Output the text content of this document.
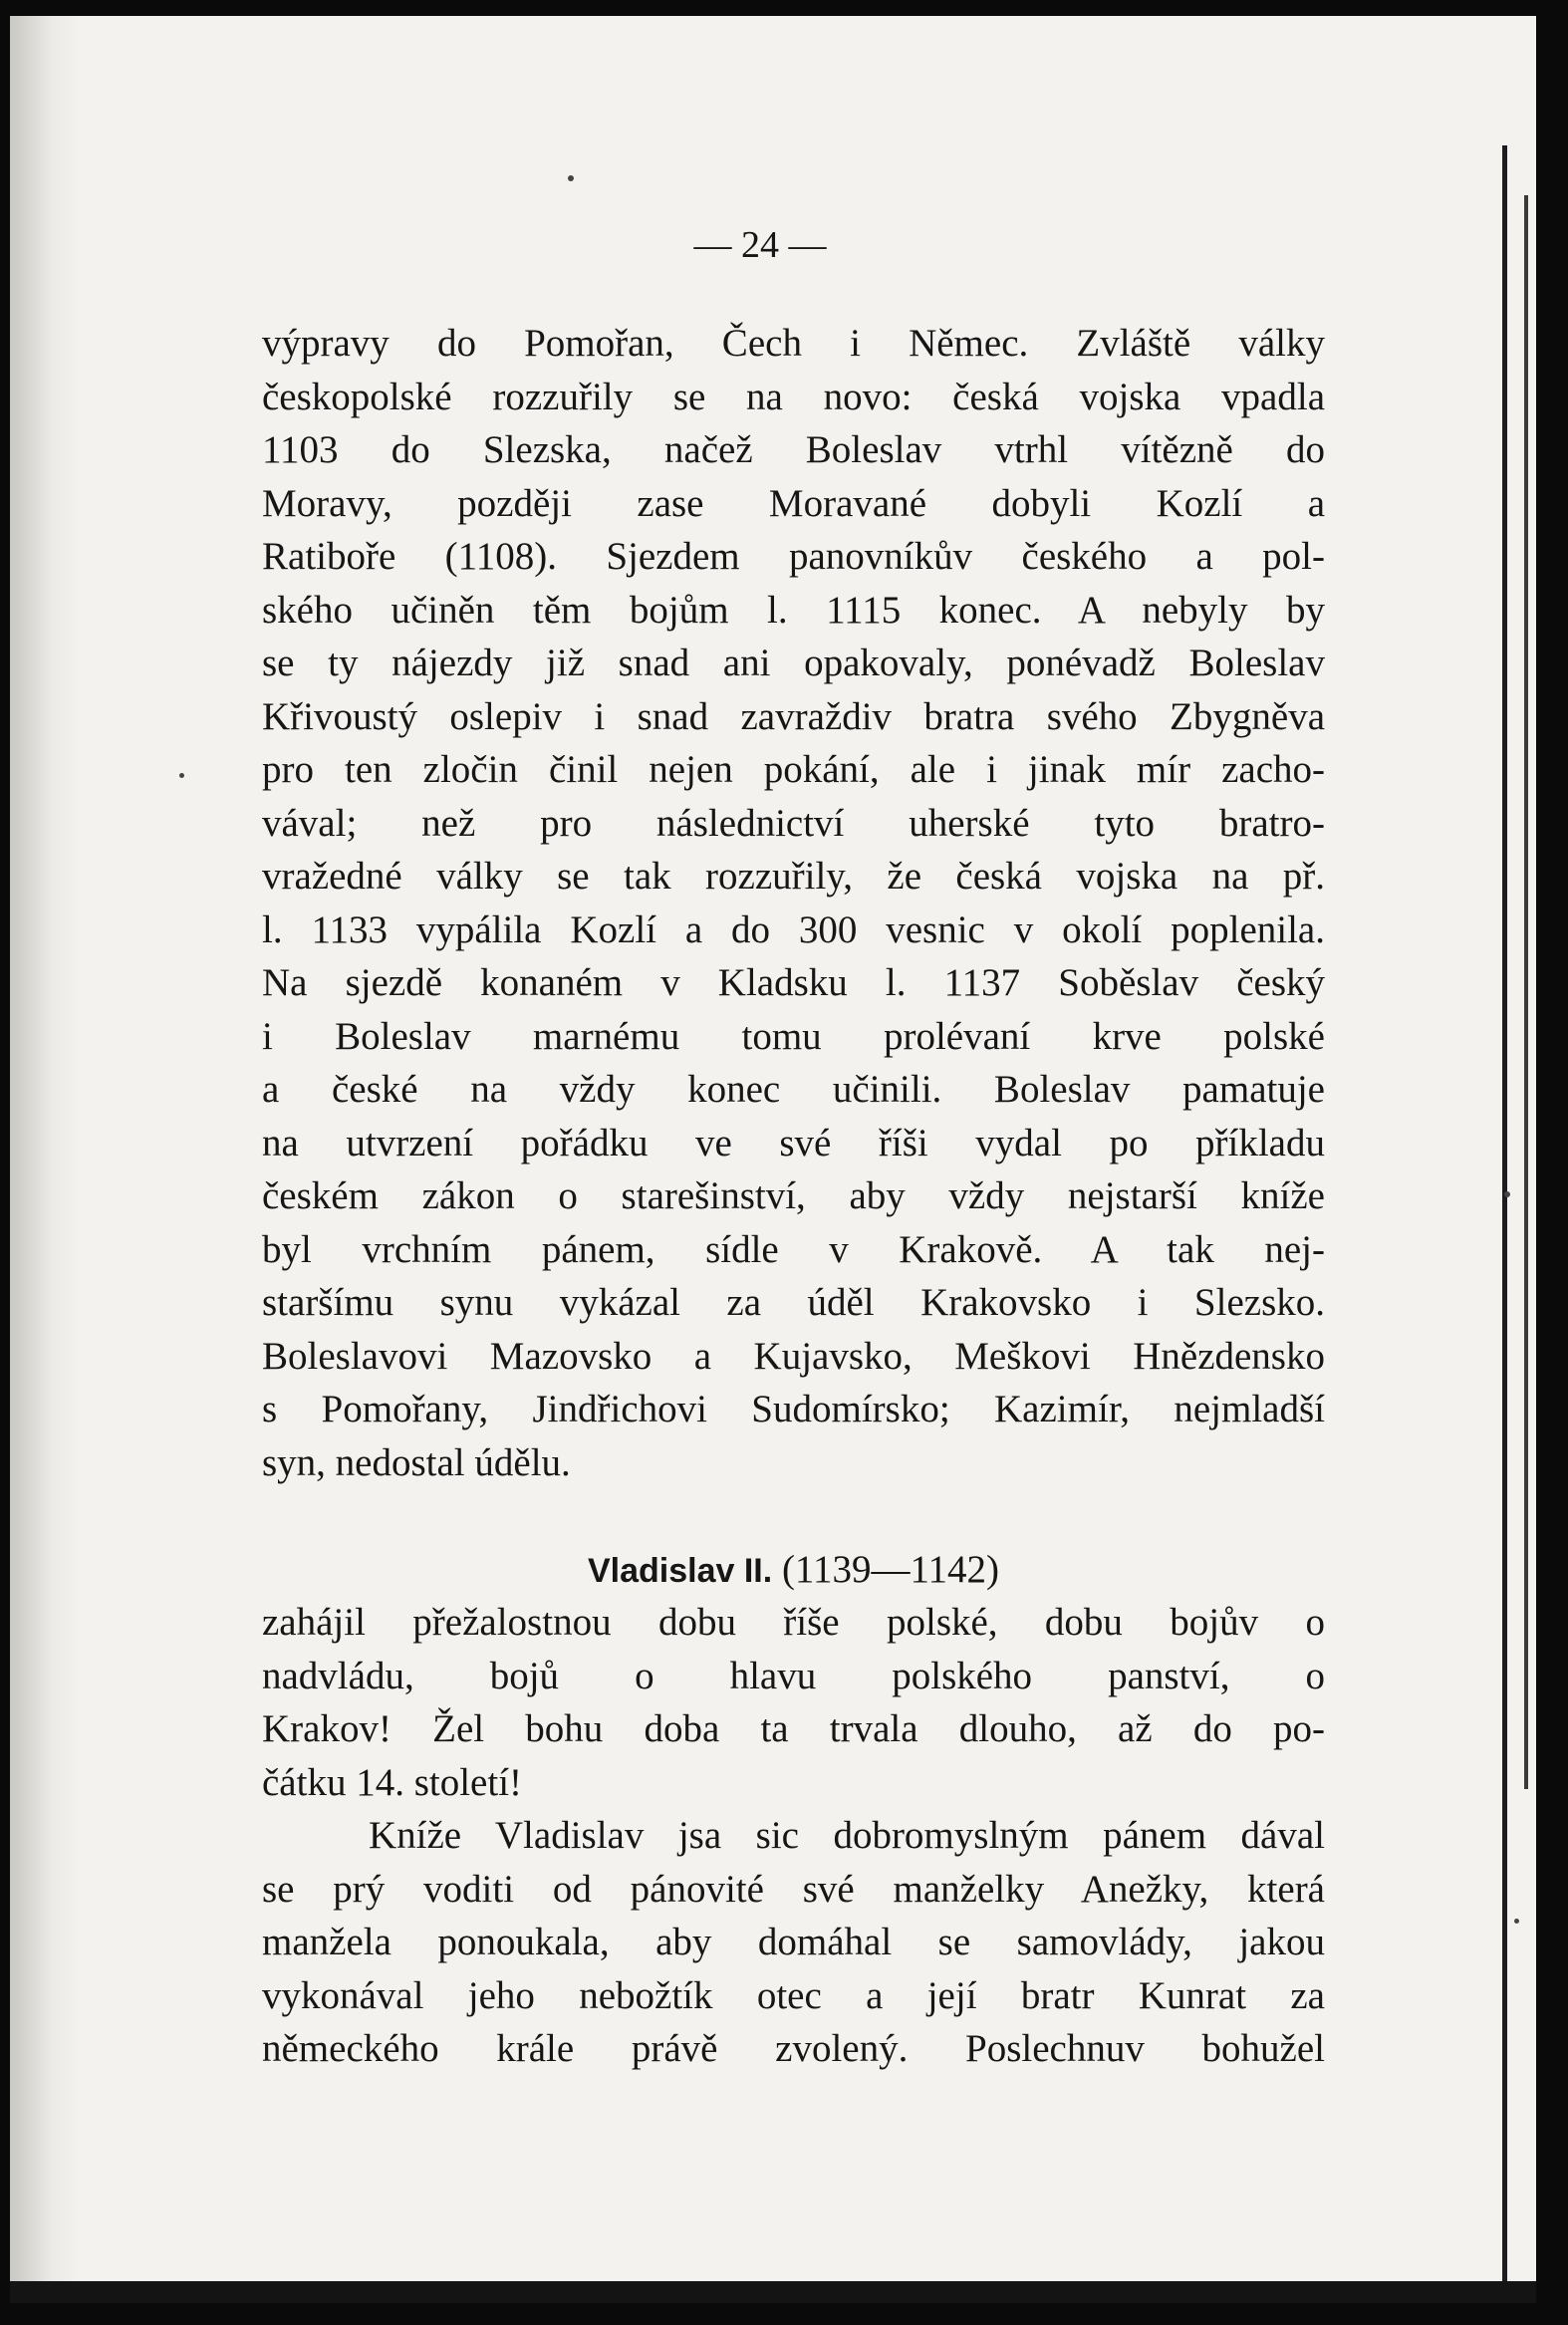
— 24 —
výpravy do Pomořan, Čech i Němec. Zvláště války
českopolské rozzuřily se na novo: česká vojska vpadla
1103 do Slezska, načež Boleslav vtrhl vítězně do
Moravy, později zase Moravané dobyli Kozlí a
Ratiboře (1108). Sjezdem panovníkův českého a pol-
ského učiněn těm bojům l. 1115 konec. A nebyly by
se ty nájezdy již snad ani opakovaly, ponévadž Boleslav
Křivoustý oslepiv i snad zavraždiv bratra svého Zbygněva
pro ten zločin činil nejen pokání, ale i jinak mír zacho-
vával; než pro následnictví uherské tyto bratro-
vražedné války se tak rozzuřily, že česká vojska na př.
l. 1133 vypálila Kozlí a do 300 vesnic v okolí poplenila.
Na sjezdě konaném v Kladsku l. 1137 Soběslav český
i Boleslav marnému tomu prolévaní krve polské
a české na vždy konec učinili. Boleslav pamatuje
na utvrzení pořádku ve své říši vydal po příkladu
českém zákon o starešinství, aby vždy nejstarší kníže
byl vrchním pánem, sídle v Krakově. A tak nej-
staršímu synu vykázal za úděl Krakovsko i Slezsko.
Boleslavovi Mazovsko a Kujavsko, Meškovi Hnězdensko
s Pomořany, Jindřichovi Sudomírsko; Kazimír, nejmladší
syn, nedostal údělu.
Vladislav II. (1139—1142)
zahájil přežalostnou dobu říše polské, dobu bojův o
nadvládu, bojů o hlavu polského panství, o
Krakov! Žel bohu doba ta trvala dlouho, až do po-
čátku 14. století!
Kníže Vladislav jsa sic dobromyslným pánem dával
se prý voditi od pánovité své manželky Anežky, která
manžela ponoukala, aby domáhal se samovlády, jakou
vykonával jeho nebožtík otec a její bratr Kunrat za
německého krále právě zvolený. Poslechnuv bohužel
